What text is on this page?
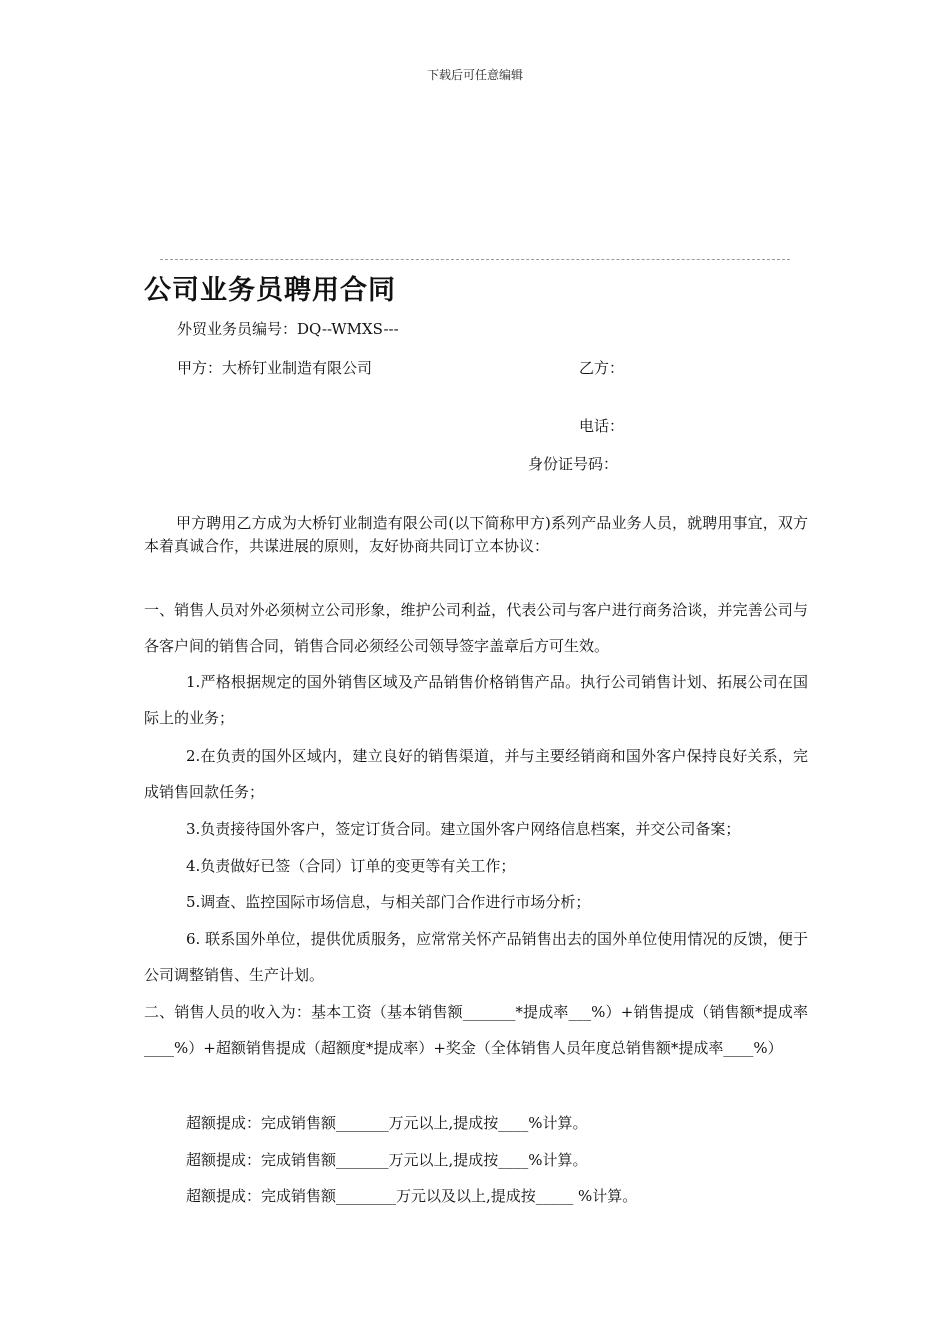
下载后可任意编辑
公司业务员聘用合同
外贸业务员编号：DQ--WMXS---
甲方：大桥钉业制造有限公司	乙方：
电话：
身份证号码：
甲方聘用乙方成为大桥钉业制造有限公司(以下简称甲方)系列产品业务人员，就聘用事宜，双方本着真诚合作，共谋进展的原则，友好协商共同订立本协议：
一、销售人员对外必须树立公司形象，维护公司利益，代表公司与客户进行商务洽谈，并完善公司与各客户间的销售合同，销售合同必须经公司领导签字盖章后方可生效。
1.严格根据规定的国外销售区域及产品销售价格销售产品。执行公司销售计划、拓展公司在国际上的业务；
2.在负责的国外区域内，建立良好的销售渠道，并与主要经销商和国外客户保持良好关系，完成销售回款任务；
3.负责接待国外客户，签定订货合同。建立国外客户网络信息档案，并交公司备案；
4.负责做好已签（合同）订单的变更等有关工作；
5.调查、监控国际市场信息，与相关部门合作进行市场分析；
6. 联系国外单位，提供优质服务，应常常关怀产品销售出去的国外单位使用情况的反馈，便于公司调整销售、生产计划。
二、销售人员的收入为：基本工资（基本销售额_______*提成率___%）+销售提成（销售额*提成率____%）+超额销售提成（超额度*提成率）+奖金（全体销售人员年度总销售额*提成率____%）
超额提成：完成销售额_______万元以上,提成按____%计算。
超额提成：完成销售额_______万元以上,提成按____%计算。
超额提成：完成销售额________万元以及以上,提成按_____ %计算。
